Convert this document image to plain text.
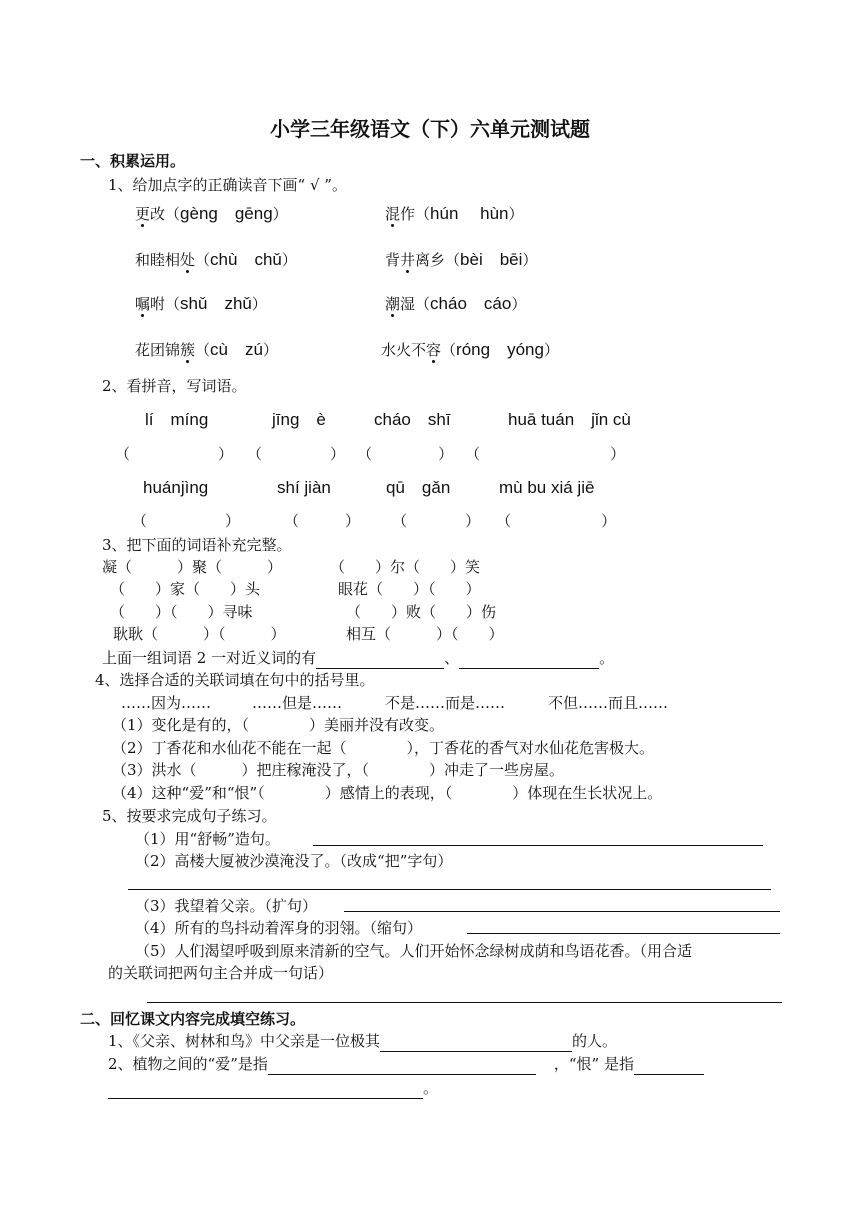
小学三年级语文（下）六单元测试题
一、积累运用。
1、给加点字的正确读音下画“ √ ”。
更改（gèng　gēng）	混作（hún　 hùn）
和睦相处（chù　chǔ）	背井离乡（bèi　bēi）
嘱咐（shǔ　zhǔ）	潮湿（cháo　cáo）
花团锦簇（cù　zú）	水火不容（róng　yóng）
2、看拼音，写词语。
lí　míng	jīng　è	cháo　shī	huā tuán　jǐn cù
（	） （	） （	） （	）
huánjìng	shí jiàn	qū　gǎn	mù bu xiá jiē
（	）	（	） （	） （	）
3、把下面的词语补充完整。
凝（　　　）聚（　　　）	（　　）尔（　　）笑
（　　）家（　　）头	眼花（　　）（　　）
（　　）（　　）寻味	（　　）败（　　）伤
耿耿（　　　）（　　　）	相互（　　　）（　　）
上面一组词语 2 一对近义词的有	、	。
4、选择合适的关联词填在句中的括号里。
……因为……	……但是……	不是……而是……	不但……而且……
（1）变化是有的，（　　　　）美丽并没有改变。
（2）丁香花和水仙花不能在一起（　　　　），丁香花的香气对水仙花危害极大。
（3）洪水（　　　）把庄稼淹没了，（　　　　）冲走了一些房屋。
（4）这种“爱”和“恨”（　　　　）感情上的表现，（　　　　）体现在生长状况上。
5、按要求完成句子练习。
（1）用“舒畅”造句。
（2）高楼大厦被沙漠淹没了。（改成“把”字句）
（3）我望着父亲。（扩句）
（4）所有的鸟抖动着浑身的羽翎。（缩句）
（5）人们渴望呼吸到原来清新的空气。人们开始怀念绿树成荫和鸟语花香。（用合适
的关联词把两句主合并成一句话）
二、回忆课文内容完成填空练习。
1、《父亲、树林和鸟》中父亲是一位极其	的人。
2、植物之间的“爱”是指	，“恨” 是指
。
